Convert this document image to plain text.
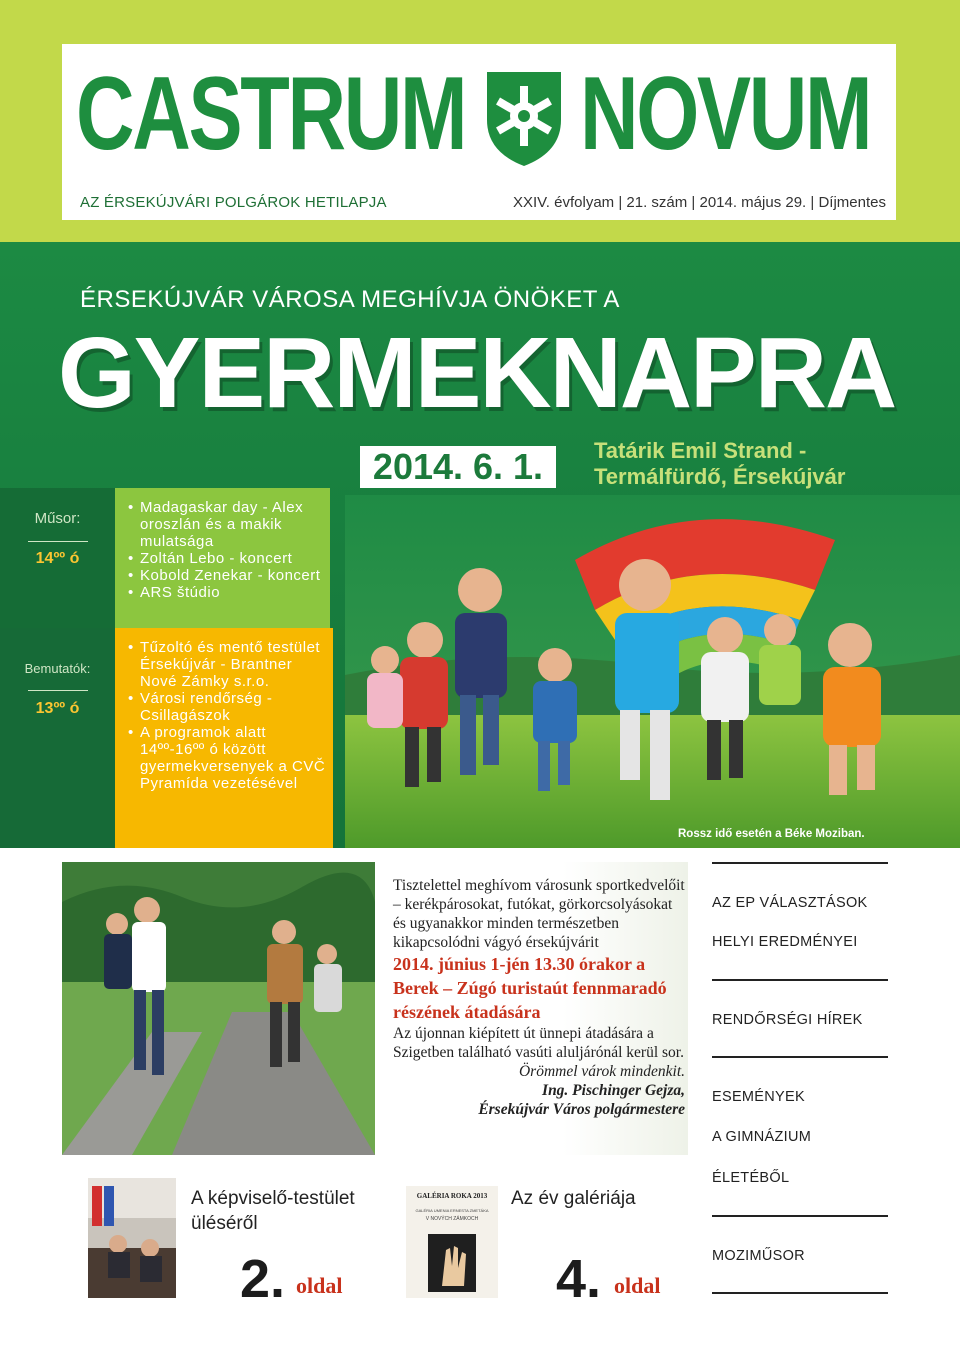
CASTRUM NOVUM
AZ ÉRSEKÚJVÁRI POLGÁROK HETILAPJA	XXIV. évfolyam | 21. szám | 2014. május 29. | Díjmentes
ÉRSEKÚJVÁR VÁROSA MEGHÍVJA ÖNÖKET A
GYERMEKNAPRA
2014. 6. 1.	Tatárik Emil Strand -
Termálfürdő, Érsekújvár
Műsor:
14ºº ó
• Madagaskar day - Alex oroszlán és a makik mulatsága
• Zoltán Lebo - koncert
• Kobold Zenekar - koncert
• ARS štúdio
Bemutatók:
13ºº ó
• Tűzoltó és mentő testület Érsekújvár - Brantner Nové Zámky s.r.o.
• Városi rendőrség - Csillagászok
• A programok alatt 14ºº-16ºº ó között gyermekversenyek a CVČ Pyramída vezetésével
Rossz idő esetén a Béke Moziban.

Tisztelettel meghívom városunk sportkedvelőit – kerékpárosokat, futókat, görkorcsolyásokat és ugyanakkor minden természetben kikapcsolódni vágyó érsekújvárit

2014. június 1-jén 13.30 órakor a Berek – Zúgó turistaút fennmaradó részének átadására

Az újonnan kiépített út ünnepi átadására a Szigetben található vasúti aluljárónál kerül sor.

Örömmel várok mindenkit.

Ing. Pischinger Gejza,

Érsekújvár Város polgármestere

AZ EP VÁLASZTÁSOK
HELYI EREDMÉNYEI
RENDŐRSÉGI HÍREK
ESEMÉNYEK
A GIMNÁZIUM
ÉLETÉBŐL
MOZIMŰSOR
A képviselő-testület
üléséről
2. oldal
GALÉRIA ROKA 2013
GALÉRIA UMENIA ERNESTA ZMETÁKA
V NOVÝCH ZÁMKOCH
Az év galériája
4. oldal
